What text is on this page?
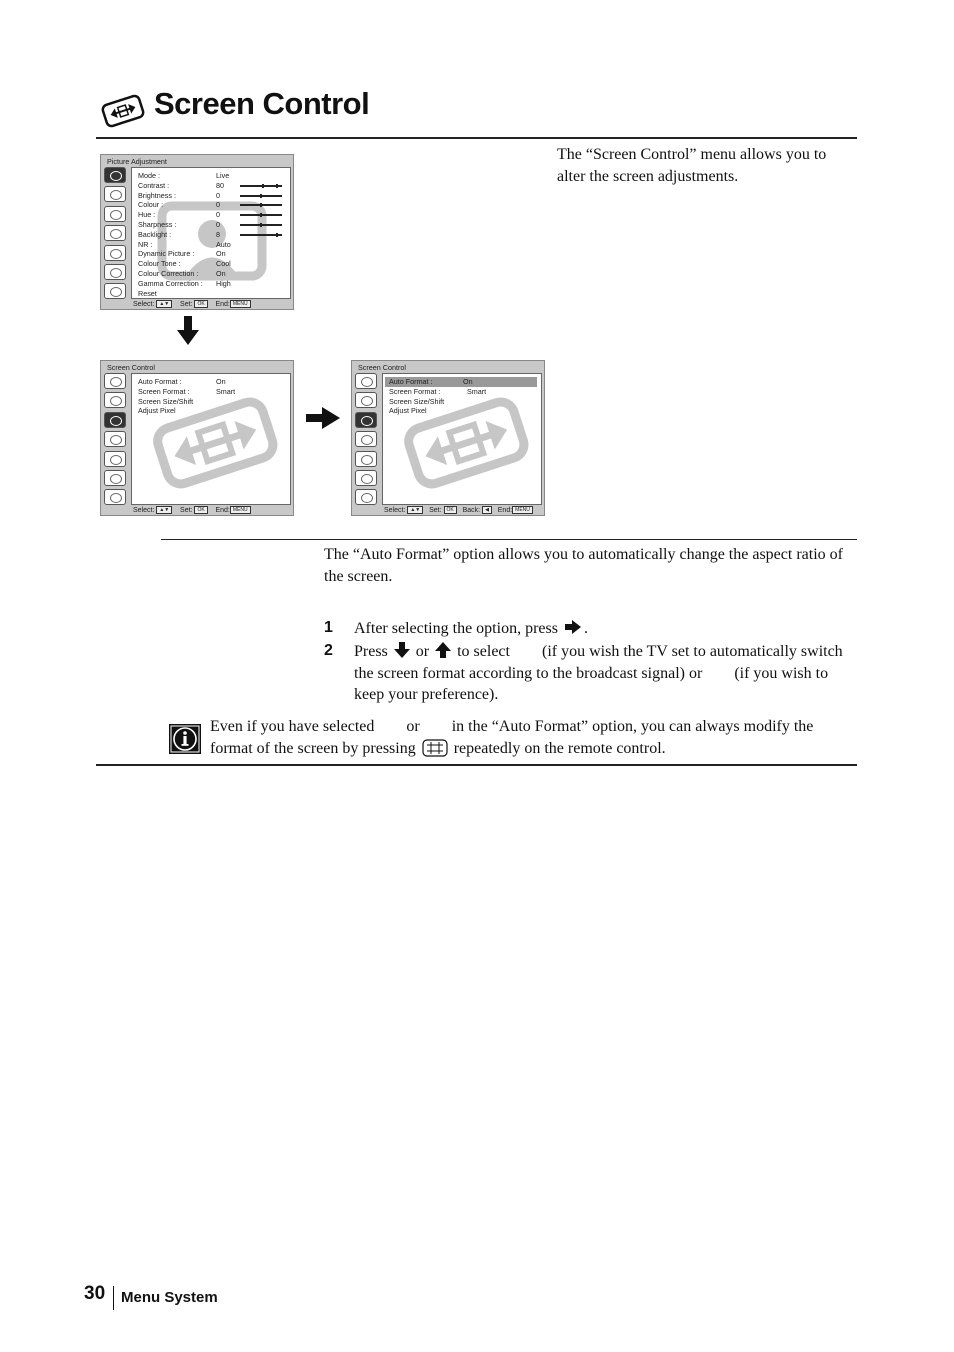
Screen Control
The “Screen Control” menu allows you to alter the screen adjustments.
Picture Adjustment
Mode :	Live
Contrast :	80
Brightness :	0
Colour :	0
Hue :	0
Sharpness :	0
Backlight :	8
NR :	Auto
Dynamic Picture :	On
Colour Tone :	Cool
Colour Correction : On
Gamma Correction : High
Reset
Select: ▲▼ Set: OK End: MENU
Screen Control
Auto Format :	On
Screen Format :	Smart
Screen Size/Shift
Adjust Pixel
Select: ▲▼ Set: OK End: MENU
Screen Control
Auto Format :	On
Screen Format :	Smart
Screen Size/Shift
Adjust Pixel
Select: ▲▼ Set: OK Back: ◀ End: MENU
The “Auto Format” option allows you to automatically change the aspect ratio of the screen.
1 After selecting the option, press .
2 Press or to select (if you wish the TV set to automatically switch the screen format according to the broadcast signal) or (if you wish to keep your preference).
Even if you have selected or in the “Auto Format” option, you can always modify the format of the screen by pressing repeatedly on the remote control.
30 Menu System
